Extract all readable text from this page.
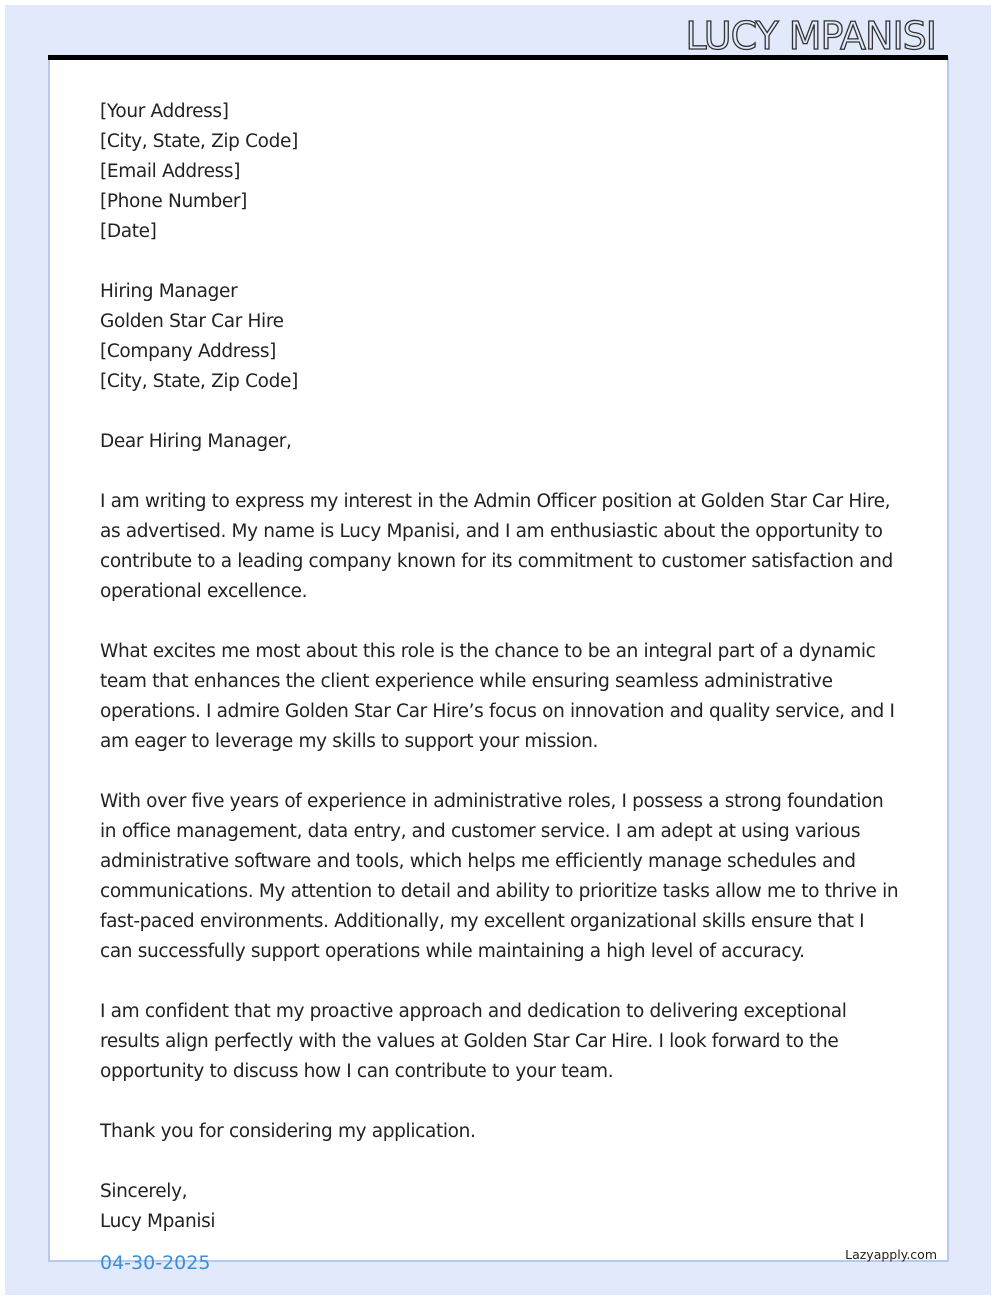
LUCY MPANISI
[Your Address]
[City, State, Zip Code]
[Email Address]
[Phone Number]
[Date]
Hiring Manager
Golden Star Car Hire
[Company Address]
[City, State, Zip Code]
Dear Hiring Manager,
I am writing to express my interest in the Admin Officer position at Golden Star Car Hire, as advertised. My name is Lucy Mpanisi, and I am enthusiastic about the opportunity to contribute to a leading company known for its commitment to customer satisfaction and operational excellence.
What excites me most about this role is the chance to be an integral part of a dynamic team that enhances the client experience while ensuring seamless administrative operations. I admire Golden Star Car Hire’s focus on innovation and quality service, and I am eager to leverage my skills to support your mission.
With over five years of experience in administrative roles, I possess a strong foundation in office management, data entry, and customer service. I am adept at using various administrative software and tools, which helps me efficiently manage schedules and communications. My attention to detail and ability to prioritize tasks allow me to thrive in fast-paced environments. Additionally, my excellent organizational skills ensure that I can successfully support operations while maintaining a high level of accuracy.
I am confident that my proactive approach and dedication to delivering exceptional results align perfectly with the values at Golden Star Car Hire. I look forward to the opportunity to discuss how I can contribute to your team.
Thank you for considering my application.
Sincerely,
Lucy Mpanisi
04-30-2025	Lazyapply.com
